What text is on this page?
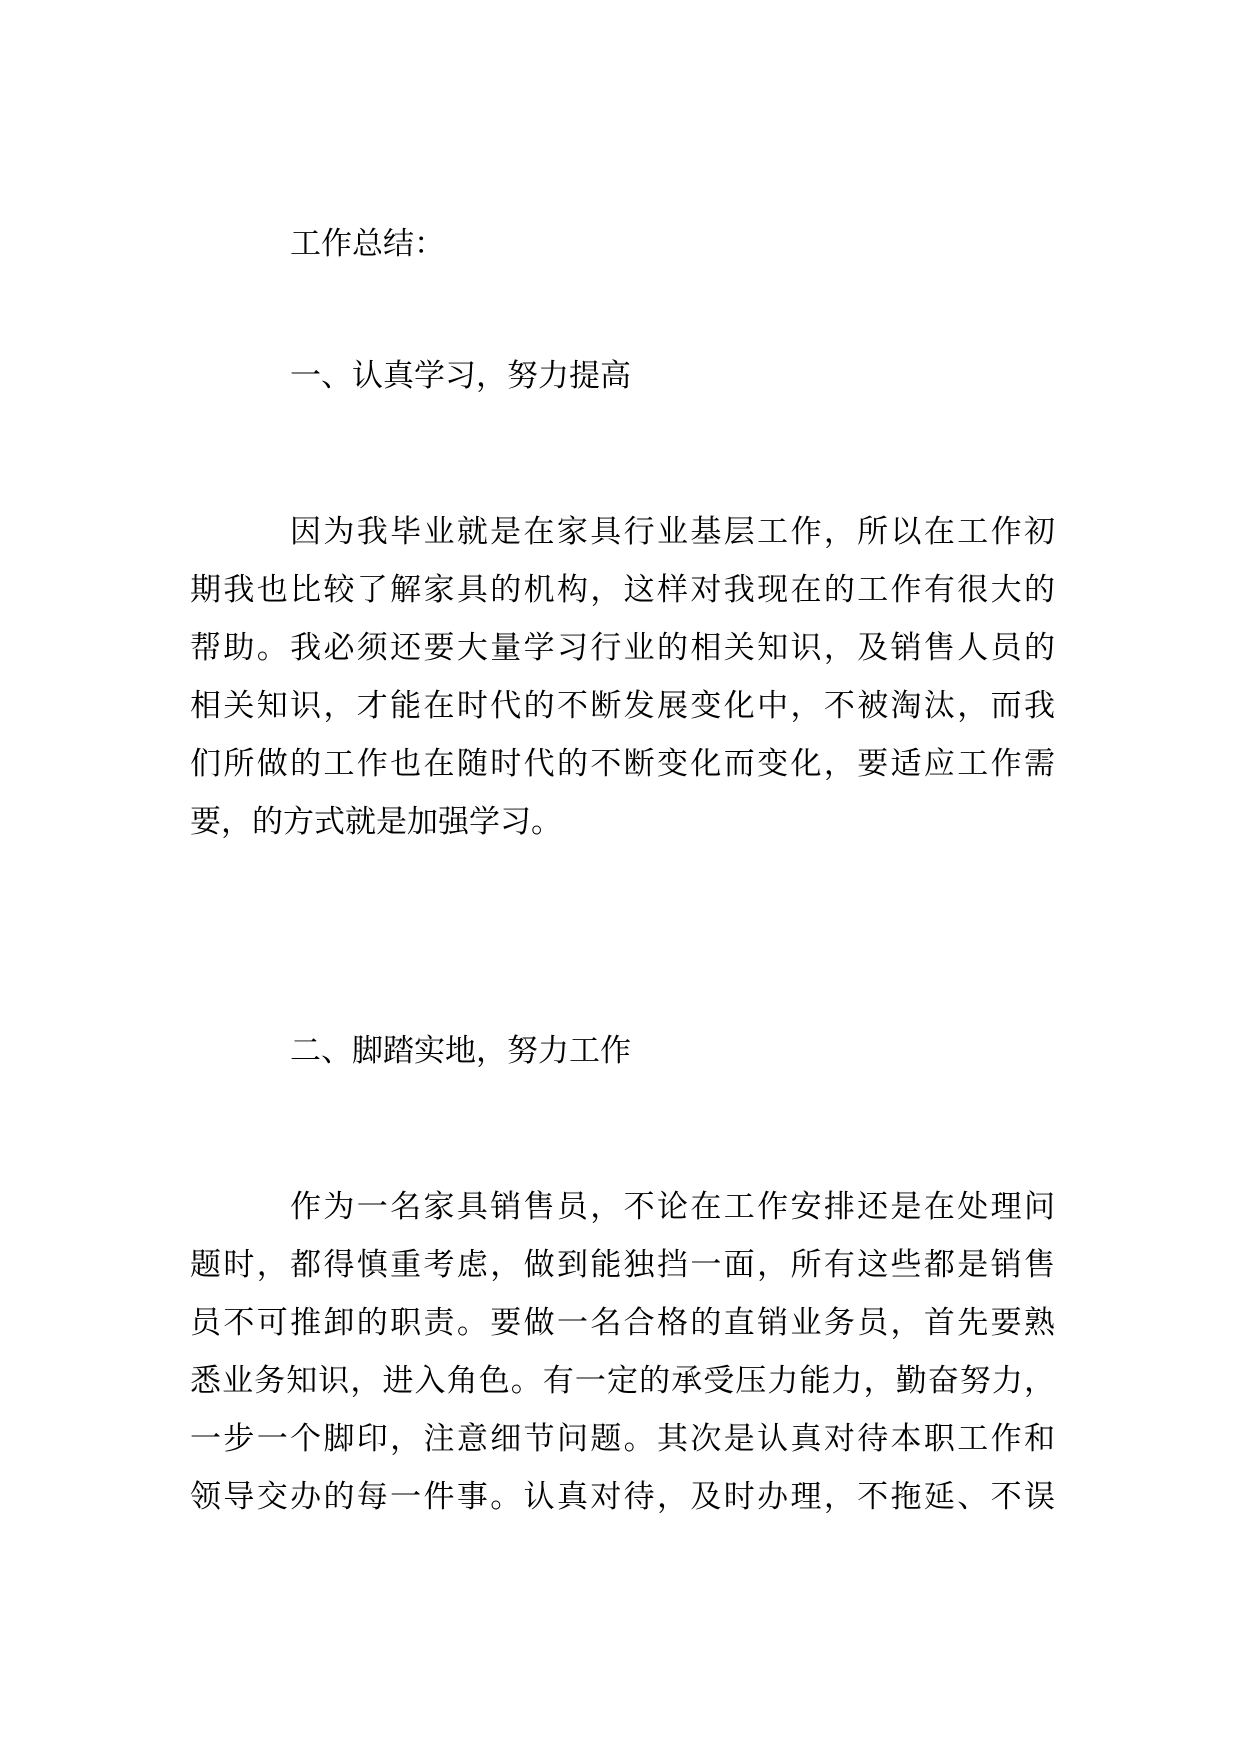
工作总结：

一、认真学习，努力提高

因为我毕业就是在家具行业基层工作，所以在工作初
期我也比较了解家具的机构，这样对我现在的工作有很大的
帮助。我必须还要大量学习行业的相关知识，及销售人员的
相关知识，才能在时代的不断发展变化中，不被淘汰，而我
们所做的工作也在随时代的不断变化而变化，要适应工作需
要，的方式就是加强学习。

二、脚踏实地，努力工作

作为一名家具销售员，不论在工作安排还是在处理问
题时，都得慎重考虑，做到能独挡一面，所有这些都是销售
员不可推卸的职责。要做一名合格的直销业务员，首先要熟
悉业务知识，进入角色。有一定的承受压力能力，勤奋努力，
一步一个脚印，注意细节问题。其次是认真对待本职工作和
领导交办的每一件事。认真对待，及时办理，不拖延、不误
